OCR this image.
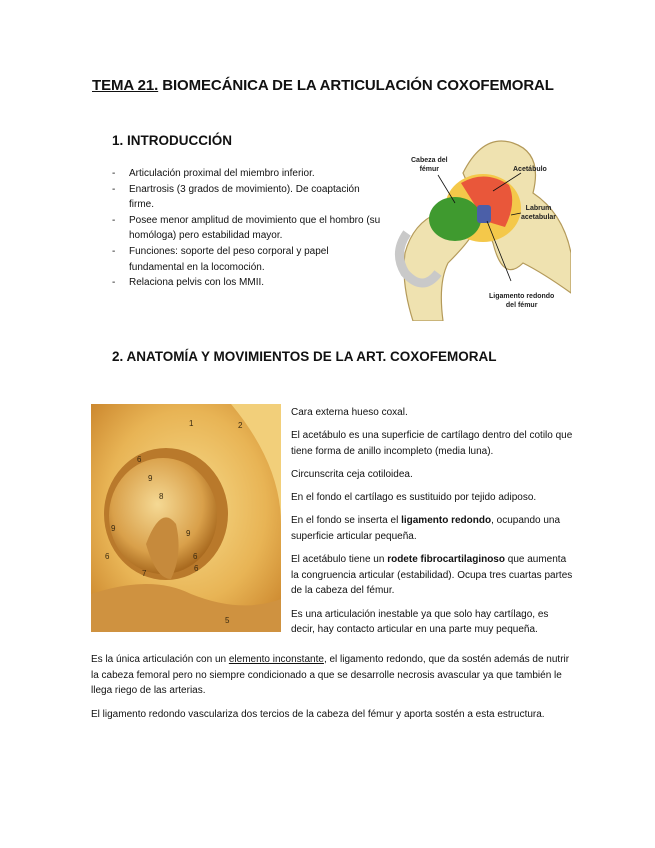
TEMA 21. BIOMECÁNICA DE LA ARTICULACIÓN COXOFEMORAL
1. INTRODUCCIÓN
- Articulación proximal del miembro inferior.
- Enartrosis (3 grados de movimiento). De coaptación firme.
- Posee menor amplitud de movimiento que el hombro (su homóloga) pero estabilidad mayor.
- Funciones: soporte del peso corporal y papel fundamental en la locomoción.
- Relaciona pelvis con los MMII.
Cabeza del
fémur	Acetábulo
Labrum
acetabular
Ligamento redondo
del fémur
2. ANATOMÍA Y MOVIMIENTOS DE LA ART. COXOFEMORAL
1	2
6
9
9
6
9
8
6
6
7
5

Cara externa hueso coxal.

El acetábulo es una superficie de cartílago dentro del cotilo que tiene forma de anillo incompleto (media luna).

Circunscrita ceja cotiloidea.

En el fondo el cartílago es sustituido por tejido adiposo.

En el fondo se inserta el ligamento redondo, ocupando una superficie articular pequeña.

El acetábulo tiene un rodete fibrocartilaginoso que aumenta la congruencia articular (estabilidad). Ocupa tres cuartas partes de la cabeza del fémur.

Es una articulación inestable ya que solo hay cartílago, es decir, hay contacto articular en una parte muy pequeña.

Es la única articulación con un elemento inconstante, el ligamento redondo, que da sostén además de nutrir la cabeza femoral pero no siempre condicionado a que se desarrolle necrosis avascular ya que también le llega riego de las arterias.

El ligamento redondo vasculariza dos tercios de la cabeza del fémur y aporta sostén a esta estructura.
